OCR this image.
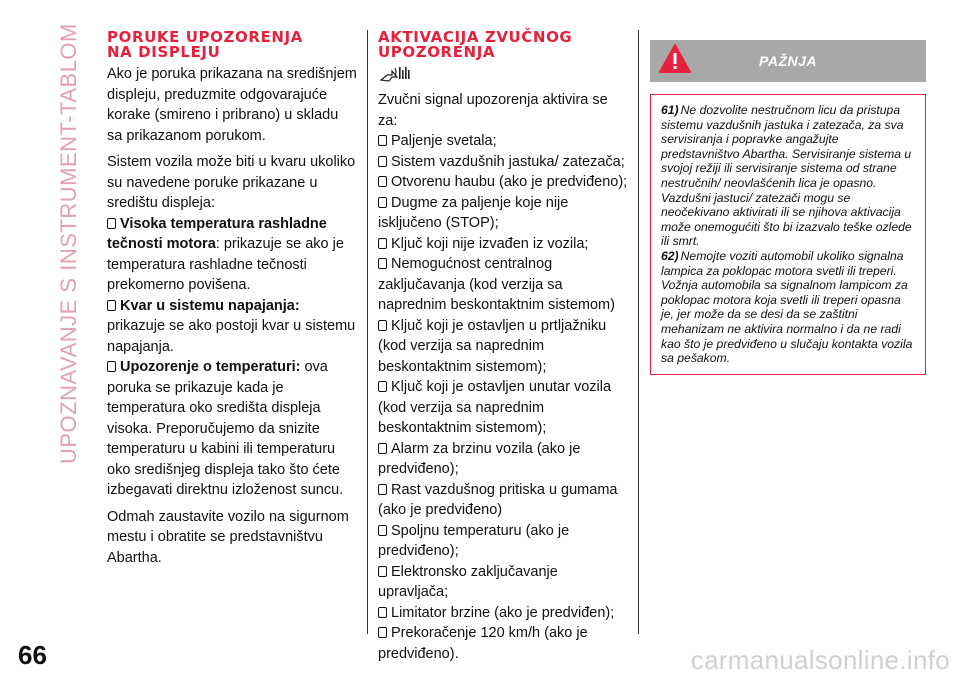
UPOZNAVANJE S INSTRUMENT-TABLOM PORUKE UPOZORENJA
NA DISPLEJU

Ako je poruka prikazana na središnjem displeju, preduzmite odgovarajuće korake (smireno i pribrano) u skladu sa prikazanom porukom.

Sistem vozila može biti u kvaru ukoliko su navedene poruke prikazane u središtu displeja:

Visoka temperatura rashladne tečnosti motora: prikazuje se ako je temperatura rashladne tečnosti prekomerno povišena.
Kvar u sistemu napajanja: prikazuje se ako postoji kvar u sistemu napajanja.
Upozorenje o temperaturi: ova poruka se prikazuje kada je temperatura oko središta displeja visoka. Preporučujemo da snizite temperaturu u kabini ili temperaturu oko središnjeg displeja tako što ćete izbegavati direktnu izloženost suncu.

Odmah zaustavite vozilo na sigurnom mestu i obratite se predstavništvu Abartha.

AKTIVACIJA ZVUČNOG
UPOZORENJA
Zvučni signal upozorenja aktivira se za:
Paljenje svetala;
Sistem vazdušnih jastuka/ zatezača;
Otvorenu haubu (ako je predviđeno);
Dugme za paljenje koje nije isključeno (STOP);
Ključ koji nije izvađen iz vozila;
Nemogućnost centralnog zaključavanja (kod verzija sa naprednim beskontaktnim sistemom)
Ključ koji je ostavljen u prtljažniku (kod verzija sa naprednim beskontaktnim sistemom);
Ključ koji je ostavljen unutar vozila (kod verzija sa naprednim beskontaktnim sistemom);
Alarm za brzinu vozila (ako je predviđeno);
Rast vazdušnog pritiska u gumama (ako je predviđeno)
Spoljnu temperaturu (ako je predviđeno);
Elektronsko zaključavanje upravljača;
Limitator brzine (ako je predviđen);
Prekoračenje 120 km/h (ako je predviđeno).
PAŽNJA

61) Ne dozvolite nestručnom licu da pristupa sistemu vazdušnih jastuka i zatezača, za sva servisiranja i popravke angažujte predstavništvo Abartha. Servisiranje sistema u svojoj režiji ili servisiranje sistema od strane nestručnih/ neovlašćenih lica je opasno. Vazdušni jastuci/ zatezači mogu se neočekivano aktivirati ili se njihova aktivacija može onemogućiti što bi izazvalo teške ozlede ili smrt.

62) Nemojte voziti automobil ukoliko signalna lampica za poklopac motora svetli ili treperi. Vožnja automobila sa signalnom lampicom za poklopac motora koja svetli ili treperi opasna je, jer može da se desi da se zaštitni mehanizam ne aktivira normalno i da ne radi kao što je predviđeno u slučaju kontakta vozila sa pešakom.

66	carmanualsonline.info
